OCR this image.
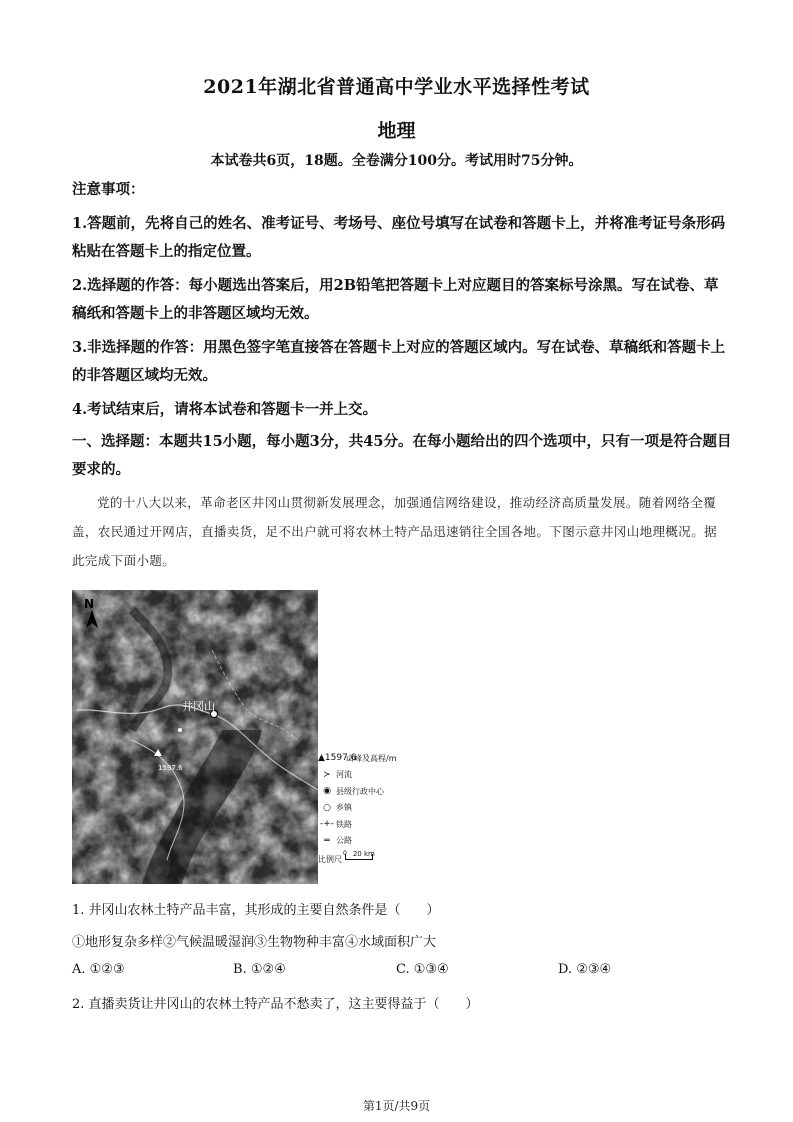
2021年湖北省普通高中学业水平选择性考试
地理
本试卷共6页，18题。全卷满分100分。考试用时75分钟。
注意事项：
1.答题前，先将自己的姓名、准考证号、考场号、座位号填写在试卷和答题卡上，并将准考证号条形码粘贴在答题卡上的指定位置。
2.选择题的作答：每小题选出答案后，用2B铅笔把答题卡上对应题目的答案标号涂黑。写在试卷、草稿纸和答题卡上的非答题区域均无效。
3.非选择题的作答：用黑色签字笔直接答在答题卡上对应的答题区域内。写在试卷、草稿纸和答题卡上的非答题区域均无效。
4.考试结束后，请将本试卷和答题卡一并上交。
一、选择题：本题共15小题，每小题3分，共45分。在每小题给出的四个选项中，只有一项是符合题目要求的。
党的十八大以来，革命老区井冈山贯彻新发展理念，加强通信网络建设，推动经济高质量发展。随着网络全覆盖，农民通过开网店，直播卖货，足不出户就可将农林土特产品迅速销往全国各地。下图示意井冈山地理概况。据此完成下面小题。
N
井冈山
1597.6
▲1597.6
山峰及高程/m
≻ 河流
◉ 县级行政中心
○ 乡镇
-+- 铁路
═ 公路
比例尺
0 20 km
1. 井冈山农林土特产品丰富，其形成的主要自然条件是（　　）
①地形复杂多样②气候温暖湿润③生物物种丰富④水域面积广大
A. ①②③	B. ①②④	C. ①③④	D. ②③④
2. 直播卖货让井冈山的农林土特产品不愁卖了，这主要得益于（　　）
第1页/共9页
